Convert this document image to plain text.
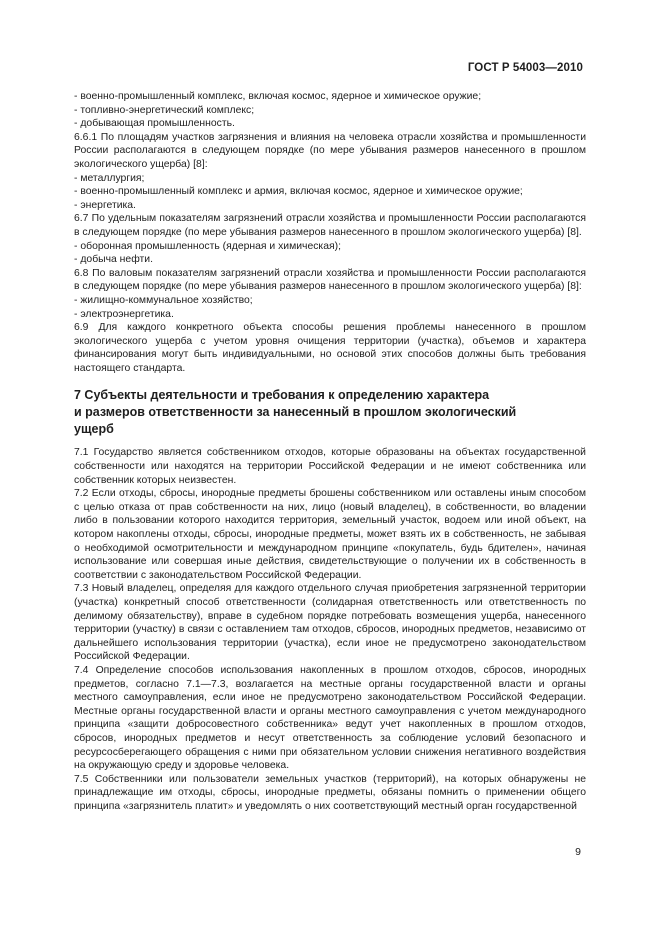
ГОСТ Р 54003—2010

- военно-промышленный комплекс, включая космос, ядерное и химическое оружие;

- топливно-энергетический комплекс;

- добывающая промышленность.

6.6.1 По площадям участков загрязнения и влияния на человека отрасли хозяйства и промышленности России располагаются в следующем порядке (по мере убывания размеров нанесенного в прошлом экологического ущерба) [8]:

- металлургия;

- военно-промышленный комплекс и армия, включая космос, ядерное и химическое оружие;

- энергетика.

6.7 По удельным показателям загрязнений отрасли хозяйства и промышленности России располагаются в следующем порядке (по мере убывания размеров нанесенного в прошлом экологического ущерба) [8].

- оборонная промышленность (ядерная и химическая);

- добыча нефти.

6.8 По валовым показателям загрязнений отрасли хозяйства и промышленности России располагаются в следующем порядке (по мере убывания размеров нанесенного в прошлом экологического ущерба) [8]:

- жилищно-коммунальное хозяйство;

- электроэнергетика.

6.9 Для каждого конкретного объекта способы решения проблемы нанесенного в прошлом экологического ущерба с учетом уровня очищения территории (участка), объемов и характера финансирования могут быть индивидуальными, но основой этих способов должны быть требования настоящего стандарта.

7 Субъекты деятельности и требования к определению характера
и размеров ответственности за нанесенный в прошлом экологический
ущерб

7.1 Государство является собственником отходов, которые образованы на объектах государственной собственности или находятся на территории Российской Федерации и не имеют собственника или собственник которых неизвестен.

7.2 Если отходы, сбросы, инородные предметы брошены собственником или оставлены иным способом с целью отказа от прав собственности на них, лицо (новый владелец), в собственности, во владении либо в пользовании которого находится территория, земельный участок, водоем или иной объект, на котором накоплены отходы, сбросы, инородные предметы, может взять их в собственность, не забывая о необходимой осмотрительности и международном принципе «покупатель, будь бдителен», начиная использование или совершая иные действия, свидетельствующие о получении их в собственность в соответствии с законодательством Российской Федерации.

7.3 Новый владелец, определяя для каждого отдельного случая приобретения загрязненной территории (участка) конкретный способ ответственности (солидарная ответственность или ответственность по делимому обязательству), вправе в судебном порядке потребовать возмещения ущерба, нанесенного территории (участку) в связи с оставлением там отходов, сбросов, инородных предметов, независимо от дальнейшего использования территории (участка), если иное не предусмотрено законодательством Российской Федерации.

7.4 Определение способов использования накопленных в прошлом отходов, сбросов, инородных предметов, согласно 7.1—7.3, возлагается на местные органы государственной власти и органы местного самоуправления, если иное не предусмотрено законодательством Российской Федерации. Местные органы государственной власти и органы местного самоуправления с учетом международного принципа «защити добросовестного собственника» ведут учет накопленных в прошлом отходов, сбросов, инородных предметов и несут ответственность за соблюдение условий безопасного и ресурсосберегающего обращения с ними при обязательном условии снижения негативного воздействия на окружающую среду и здоровье человека.

7.5 Собственники или пользователи земельных участков (территорий), на которых обнаружены не принадлежащие им отходы, сбросы, инородные предметы, обязаны помнить о применении общего принципа «загрязнитель платит» и уведомлять о них соответствующий местный орган государственной

9
